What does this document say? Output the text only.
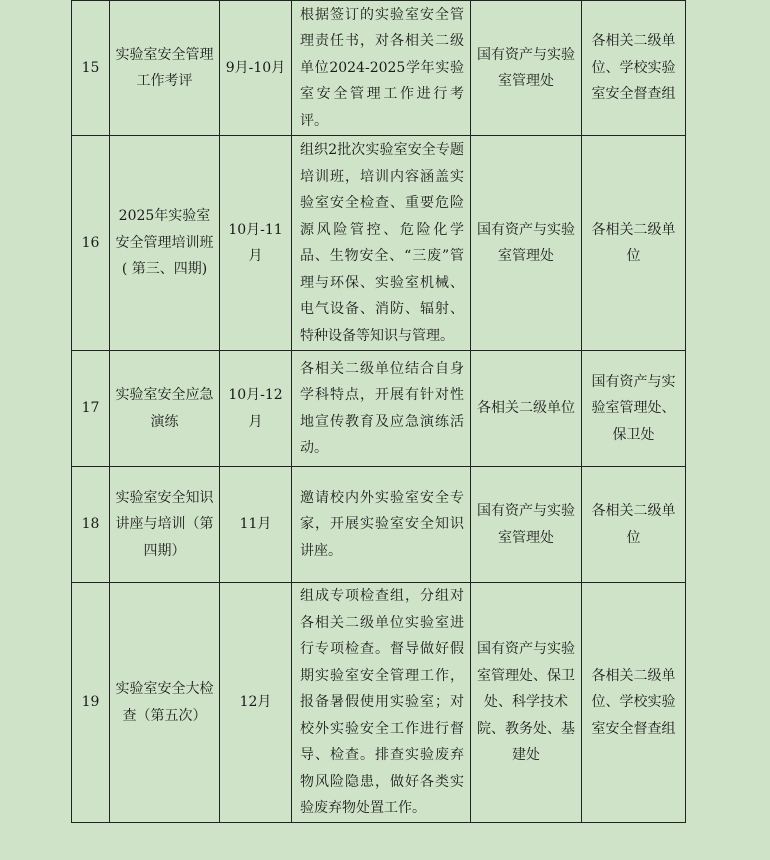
15	实验室安全管理工作考评	9月-10月	根据签订的实验室安全管理责任书，对各相关二级单位2024-2025学年实验室安全管理工作进行考评。	国有资产与实验室管理处	各相关二级单位、学校实验室安全督查组
16	2025年实验室安全管理培训班( 第三、四期)	10月-11月	组织2批次实验室安全专题培训班，培训内容涵盖实验室安全检查、重要危险源风险管控、危险化学品、生物安全、“三废”管理与环保、实验室机械、电气设备、消防、辐射、特种设备等知识与管理。	国有资产与实验室管理处	各相关二级单位
17	实验室安全应急演练	10月-12月	各相关二级单位结合自身学科特点，开展有针对性地宣传教育及应急演练活动。	各相关二级单位	国有资产与实验室管理处、保卫处
18	实验室安全知识讲座与培训（第四期）	11月	邀请校内外实验室安全专家，开展实验室安全知识讲座。	国有资产与实验室管理处	各相关二级单位
19	实验室安全大检查（第五次）	12月	组成专项检查组，分组对各相关二级单位实验室进行专项检查。督导做好假期实验室安全管理工作，报备暑假使用实验室；对校外实验安全工作进行督导、检查。排查实验废弃物风险隐患，做好各类实验废弃物处置工作。	国有资产与实验室管理处、保卫处、科学技术院、教务处、基建处	各相关二级单位、学校实验室安全督查组
